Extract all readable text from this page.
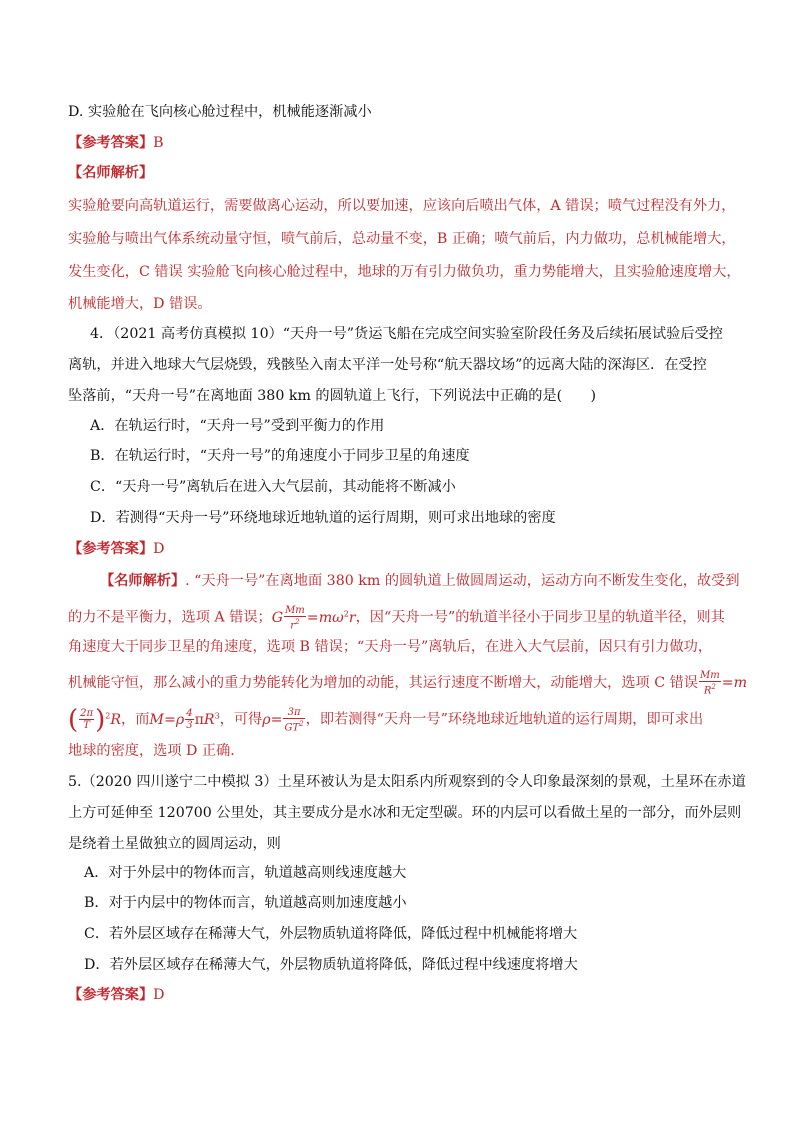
D. 实验舱在飞向核心舱过程中，机械能逐渐减小
【参考答案】B
【名师解析】
实验舱要向高轨道运行，需要做离心运动，所以要加速，应该向后喷出气体，A 错误；喷气过程没有外力，
实验舱与喷出气体系统动量守恒，喷气前后，总动量不变，B 正确；喷气前后，内力做功，总机械能增大，
发生变化，C 错误 实验舱飞向核心舱过程中，地球的万有引力做负功，重力势能增大，且实验舱速度增大，
机械能增大，D 错误。
4．（2021 高考仿真模拟 10）“天舟一号”货运飞船在完成空间实验室阶段任务及后续拓展试验后受控
离轨，并进入地球大气层烧毁，残骸坠入南太平洋一处号称“航天器坟场”的远离大陆的深海区．在受控
坠落前，“天舟一号”在离地面 380 km 的圆轨道上飞行，下列说法中正确的是(　　)
A．在轨运行时，“天舟一号”受到平衡力的作用
B．在轨运行时，“天舟一号”的角速度小于同步卫星的角速度
C．“天舟一号”离轨后在进入大气层前，其动能将不断减小
D．若测得“天舟一号”环绕地球近地轨道的运行周期，则可求出地球的密度
【参考答案】D
【名师解析】. “天舟一号”在离地面 380 km 的圆轨道上做圆周运动，运动方向不断发生变化，故受到
的力不是平衡力，选项 A 错误；G $\frac{Mm}{r^2} =m\omega^2r$，因“天舟一号”的轨道半径小于同步卫星的轨道半径，则其
角速度大于同步卫星的角速度，选项 B 错误；“天舟一号”离轨后，在进入大气层前，因只有引力做功，
机械能守恒，那么减小的重力势能转化为增加的动能，其运行速度不断增大，动能增大，选项 C 错误 $\frac{Mm}{R^2} =m$
( $\frac{2\pi}{T} )^2R$，而$M=\rho \frac{4}{3} \pi R^3$，可得$\rho= \frac{3\pi}{GT^2}$ ，即若测得“天舟一号”环绕地球近地轨道的运行周期，即可求出
地球的密度，选项 D 正确．
5.（2020 四川遂宁二中模拟 3）土星环被认为是太阳系内所观察到的令人印象最深刻的景观，土星环在赤道
上方可延伸至 120700 公里处，其主要成分是水冰和无定型碳。环的内层可以看做土星的一部分，而外层则
是绕着土星做独立的圆周运动，则
A．对于外层中的物体而言，轨道越高则线速度越大
B．对于内层中的物体而言，轨道越高则加速度越小
C．若外层区域存在稀薄大气，外层物质轨道将降低，降低过程中机械能将增大
D．若外层区域存在稀薄大气，外层物质轨道将降低，降低过程中线速度将增大
【参考答案】D
